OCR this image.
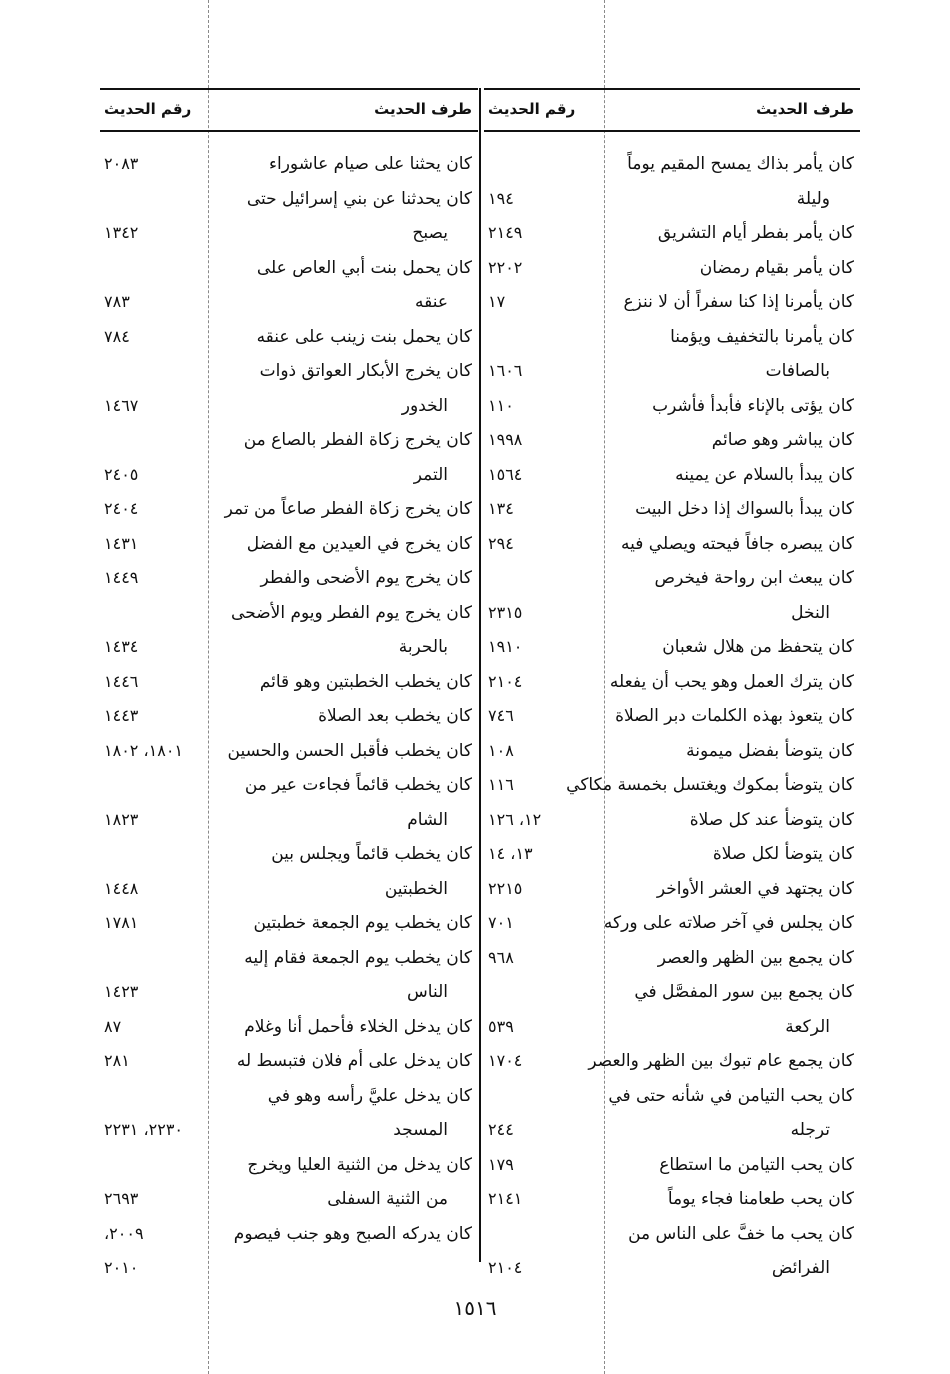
طرف الحديث
رقم الحديث
كان يأمر بذاك يمسح المقيم يوماً
وليلة
١٩٤
كان يأمر بفطر أيام التشريق
٢١٤٩
كان يأمر بقيام رمضان
٢٢٠٢
كان يأمرنا إذا كنا سفراً أن لا ننزع
١٧
كان يأمرنا بالتخفيف ويؤمنا
بالصافات
١٦٠٦
كان يؤتى بالإناء فأبدأ فأشرب
١١٠
كان يباشر وهو صائم
١٩٩٨
كان يبدأ بالسلام عن يمينه
١٥٦٤
كان يبدأ بالسواك إذا دخل البيت
١٣٤
كان يبصره جافاً فيحته ويصلي فيه
٢٩٤
كان يبعث ابن رواحة فيخرص
النخل
٢٣١٥
كان يتحفظ من هلال شعبان
١٩١٠
كان يترك العمل وهو يحب أن يفعله
٢١٠٤
كان يتعوذ بهذه الكلمات دبر الصلاة
٧٤٦
كان يتوضأ بفضل ميمونة
١٠٨
كان يتوضأ بمكوك ويغتسل بخمسة مكاكي
١١٦
كان يتوضأ عند كل صلاة
١٢، ١٢٦
كان يتوضأ لكل صلاة
١٣، ١٤
كان يجتهد في العشر الأواخر
٢٢١٥
كان يجلس في آخر صلاته على وركه
٧٠١
كان يجمع بين الظهر والعصر
٩٦٨
كان يجمع بين سور المفصَّل في
الركعة
٥٣٩
كان يجمع عام تبوك بين الظهر والعصر
١٧٠٤
كان يحب التيامن في شأنه حتى في
ترجله
٢٤٤
كان يحب التيامن ما استطاع
١٧٩
كان يحب طعامنا فجاء يوماً
٢١٤١
كان يحب ما خفَّ على الناس من
الفرائض
٢١٠٤
طرف الحديث
رقم الحديث
كان يحثنا على صيام عاشوراء
٢٠٨٣
كان يحدثنا عن بني إسرائيل حتى
يصبح
١٣٤٢
كان يحمل بنت أبي العاص على
عنقه
٧٨٣
كان يحمل بنت زينب على عنقه
٧٨٤
كان يخرج الأبكار العواتق ذوات
الخدور
١٤٦٧
كان يخرج زكاة الفطر بالصاع من
التمر
٢٤٠٥
كان يخرج زكاة الفطر صاعاً من تمر
٢٤٠٤
كان يخرج في العيدين مع الفضل
١٤٣١
كان يخرج يوم الأضحى والفطر
١٤٤٩
كان يخرج يوم الفطر ويوم الأضحى
بالحربة
١٤٣٤
كان يخطب الخطبتين وهو قائم
١٤٤٦
كان يخطب بعد الصلاة
١٤٤٣
كان يخطب فأقبل الحسن والحسين
١٨٠١، ١٨٠٢
كان يخطب قائماً فجاءت عير من
الشام
١٨٢٣
كان يخطب قائماً ويجلس بين
الخطبتين
١٤٤٨
كان يخطب يوم الجمعة خطبتين
١٧٨١
كان يخطب يوم الجمعة فقام إليه
الناس
١٤٢٣
كان يدخل الخلاء فأحمل أنا وغلام
٨٧
كان يدخل على أم فلان فتبسط له
٢٨١
كان يدخل عليَّ رأسه وهو في
المسجد
٢٢٣٠، ٢٢٣١
كان يدخل من الثنية العليا ويخرج
من الثنية السفلى
٢٦٩٣
كان يدركه الصبح وهو جنب فيصوم
٢٠٠٩،
٢٠١٠
١٥١٦
